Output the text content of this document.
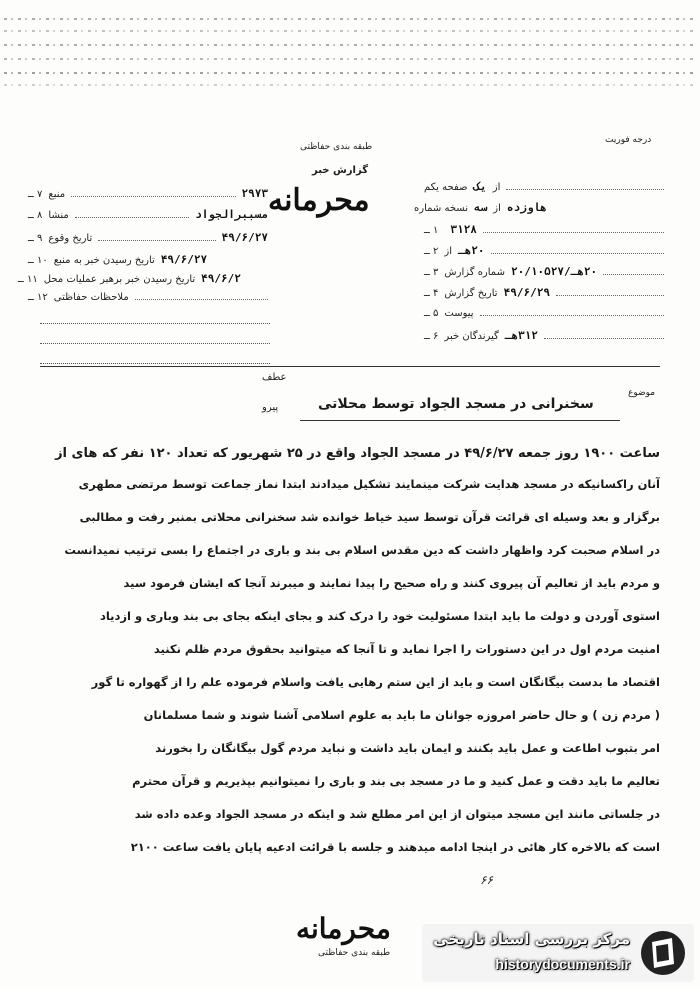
طبقه بندی حفاظتی
گزارش خبر
محرمانه
درجه فوریت
صفحه یکم یک از
نسخه شماره سه از هاوزده
۷ ــ منبع	۲۹۷۳
۸ ــ منشا	مسببرالجواد
۹ ــ تاریخ وقوع	۴۹/۶/۲۷
۱۰ ــ تاریخ رسیدن خبر به منبع ۴۹/۶/۲۷
۱۱ ــ تاریخ رسیدن خبر برهبر عملیات محل ۴۹/۶/۲
۱۲ ــ ملاحظات حفاظتی
۱ ــ ۳۱۲۸
۲ ــ از ۲۰هـ
۳ ــ شماره گزارش ۲۰هـ/۲۰/۱۰۵۲۷
۴ ــ تاریخ گزارش ۴۹/۶/۲۹
۵ ــ پیوست
۶ ــ گیرندگان خبر ۳۱۲هـ
عطف
پیرو
موضوع
سخنرانی در مسجد الجواد توسط محلاتی
ساعت ۱۹۰۰ روز جمعه ۴۹/۶/۲۷ در مسجد الجواد واقع در ۲۵ شهریور که تعداد ۱۲۰ نفر که هاى از
آنان راکسانیکه در مسجد هدایت شرکت مینمایند تشکیل میدادند ابتدا نماز جماعت توسط مرتضی مطهری
برگزار و بعد وسیله ای قرائت قرآن توسط سید خیاط خوانده شد سخنرانی محلاتی بمنبر رفت و مطالبی
در اسلام صحبت کرد واظهار داشت که دین مقدس اسلام بی بند و باری در اجتماع را بسی ترتیب نمیدانست
و مردم باید از تعالیم آن پیروی کنند و راه صحیح را پیدا نمایند و میبرند آنجا که ایشان فرمود سید
استوی آوردن و دولت ما باید ابتدا مسئولیت خود را درک کند و بجای اینکه بجای بی بند وباری و ازدیاد
امنیت مردم اول در این دستورات را اجرا نماید و تا آنجا که میتوانید بحقوق مردم ظلم نکنید
اقتصاد ما بدست بیگانگان است و باید از این ستم رهایی یافت واسلام فرموده علم را از گهواره تا گور
( مردم زن ) و حال حاضر امروزه جوانان ما باید به علوم اسلامی آشنا شوند و شما مسلمانان
امر بتبوب اطاعت و عمل باید بکنند و ایمان باید داشت و نباید مردم گول بیگانگان را بخورند
تعالیم ما باید دقت و عمل کنید و ما در مسجد بی بند و باری را نمیتوانیم بپذیریم و قرآن محترم
در جلساتی مانند این مسجد میتوان از این امر مطلع شد و اینکه در مسجد الجواد وعده داده شد
است که بالاخره کار هائی در اینجا ادامه میدهند و جلسه با قرائت ادعیه پایان یافت ساعت ۲۱۰۰
۶۶
محرمانه
طبقه بندی حفاظتی
مرکز بررسی اسناد تاریخی
historydocuments.ir
